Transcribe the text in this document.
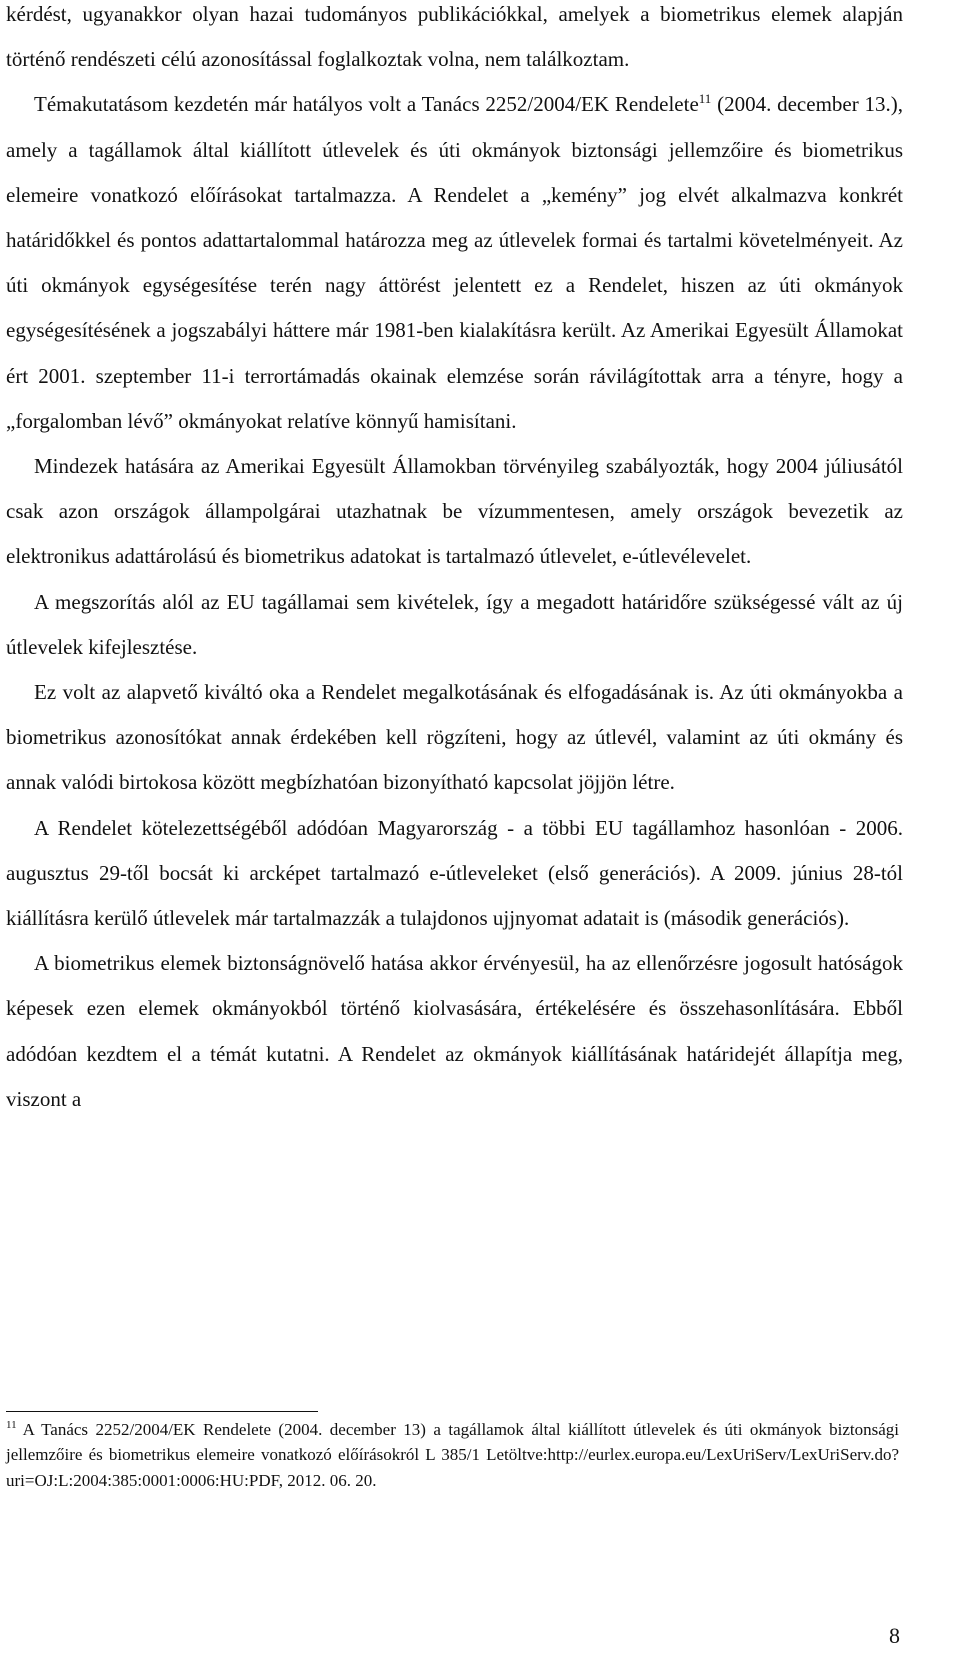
kérdést, ugyanakkor olyan hazai tudományos publikációkkal, amelyek a biometrikus elemek alapján történő rendészeti célú azonosítással foglalkoztak volna, nem találkoztam.

Témakutatásom kezdetén már hatályos volt a Tanács 2252/2004/EK Rendelete$^{11}$ (2004. december 13.), amely a tagállamok által kiállított útlevelek és úti okmányok biztonsági jellemzőire és biometrikus elemeire vonatkozó előírásokat tartalmazza. A Rendelet a „kemény” jog elvét alkalmazva konkrét határidőkkel és pontos adattartalommal határozza meg az útlevelek formai és tartalmi követelményeit. Az úti okmányok egységesítése terén nagy áttörést jelentett ez a Rendelet, hiszen az úti okmányok egységesítésének a jogszabályi háttere már 1981-ben kialakításra került. Az Amerikai Egyesült Államokat ért 2001. szeptember 11-i terrortámadás okainak elemzése során rávilágítottak arra a tényre, hogy a „forgalomban lévő” okmányokat relatíve könnyű hamisítani.

Mindezek hatására az Amerikai Egyesült Államokban törvényileg szabályozták, hogy 2004 júliusától csak azon országok állampolgárai utazhatnak be vízummentesen, amely országok bevezetik az elektronikus adattárolású és biometrikus adatokat is tartalmazó útlevelet, e-útlevélevelet.

A megszorítás alól az EU tagállamai sem kivételek, így a megadott határidőre szükségessé vált az új útlevelek kifejlesztése.

Ez volt az alapvető kiváltó oka a Rendelet megalkotásának és elfogadásának is. Az úti okmányokba a biometrikus azonosítókat annak érdekében kell rögzíteni, hogy az útlevél, valamint az úti okmány és annak valódi birtokosa között megbízhatóan bizonyítható kapcsolat jöjjön létre.

A Rendelet kötelezettségéből adódóan Magyarország - a többi EU tagállamhoz hasonlóan - 2006. augusztus 29-től bocsát ki arcképet tartalmazó e-útleveleket (első generációs). A 2009. június 28-tól kiállításra kerülő útlevelek már tartalmazzák a tulajdonos ujjnyomat adatait is (második generációs).

A biometrikus elemek biztonságnövelő hatása akkor érvényesül, ha az ellenőrzésre jogosult hatóságok képesek ezen elemek okmányokból történő kiolvasására, értékelésére és összehasonlítására. Ebből adódóan kezdtem el a témát kutatni. A Rendelet az okmányok kiállításának határidejét állapítja meg, viszont a

$^{11}$ A Tanács 2252/2004/EK Rendelete (2004. december 13) a tagállamok által kiállított útlevelek és úti okmányok biztonsági jellemzőire és biometrikus elemeire vonatkozó előírásokról L 385/1 Letöltve:http://eurlex.europa.eu/LexUriServ/LexUriServ.do?uri=OJ:L:2004:385:0001:0006:HU:PDF, 2012. 06. 20.

8
